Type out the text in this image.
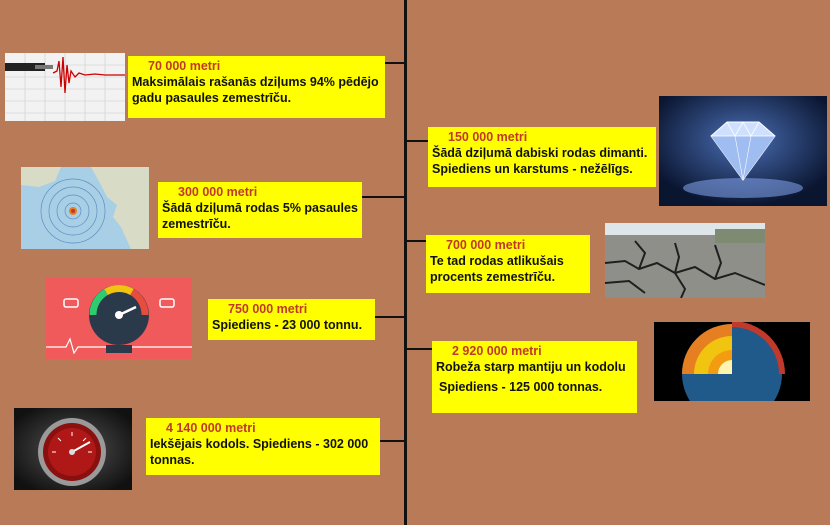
70 000 metri
Maksimālais rašanās dziļums 94% pēdējo
gadu pasaules zemestrīču.
150 000 metri
Šādā dziļumā dabiski rodas dimanti.
Spiediens un karstums - nežēlīgs.
300 000 metri
Šādā dziļumā rodas 5% pasaules
zemestrīču.
700 000 metri
Te tad rodas atlikušais
procents zemestrīču.
750 000 metri
Spiediens - 23 000 tonnu.
2 920 000 metri
Robeža starp mantiju un kodolu
Spiediens - 125 000 tonnas.
4 140 000 metri
Iekšējais kodols. Spiediens - 302 000
tonnas.
